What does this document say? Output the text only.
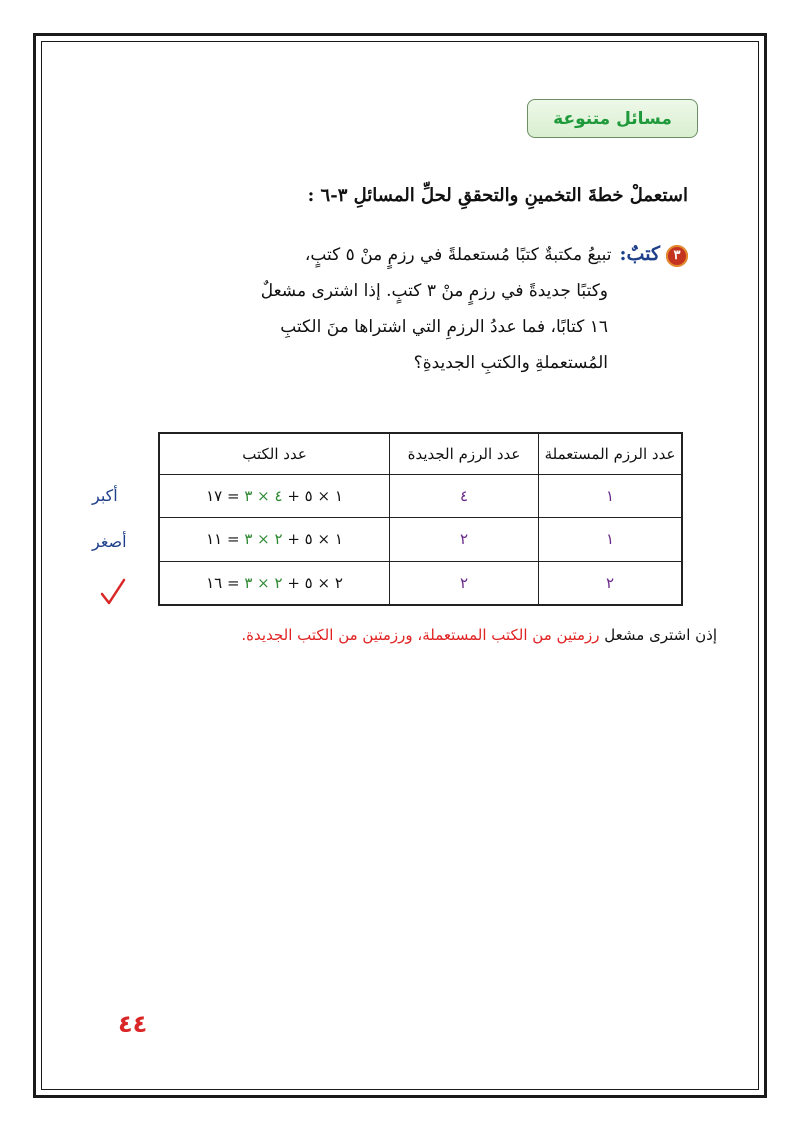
مسائل متنوعة
استعملْ خطةَ التخمينِ والتحققِ لحلِّ المسائلِ ٣-٦ :
٣كتبٌ:تبيعُ مكتبةٌ كتبًا مُستعملةً في رزمٍ منْ ٥ كتبٍ،
وكتبًا جديدةً في رزمٍ منْ ٣ كتبٍ. إذا اشترى مشعلٌ
١٦ كتابًا، فما عددُ الرزمِ التي اشتراها منَ الكتبِ
المُستعملةِ والكتبِ الجديدةِ؟
عدد الرزم المستعملة	عدد الرزم الجديدة	عدد الكتب
١	٤	١ × ٥ + ٤ × ٣ = ١٧
١	٢	١ × ٥ + ٢ × ٣ = ١١
٢	٢	٢ × ٥ + ٢ × ٣ = ١٦
أكبر
أصغر
إذن اشترى مشعل رزمتين من الكتب المستعملة، ورزمتين من الكتب الجديدة.
٤٤
